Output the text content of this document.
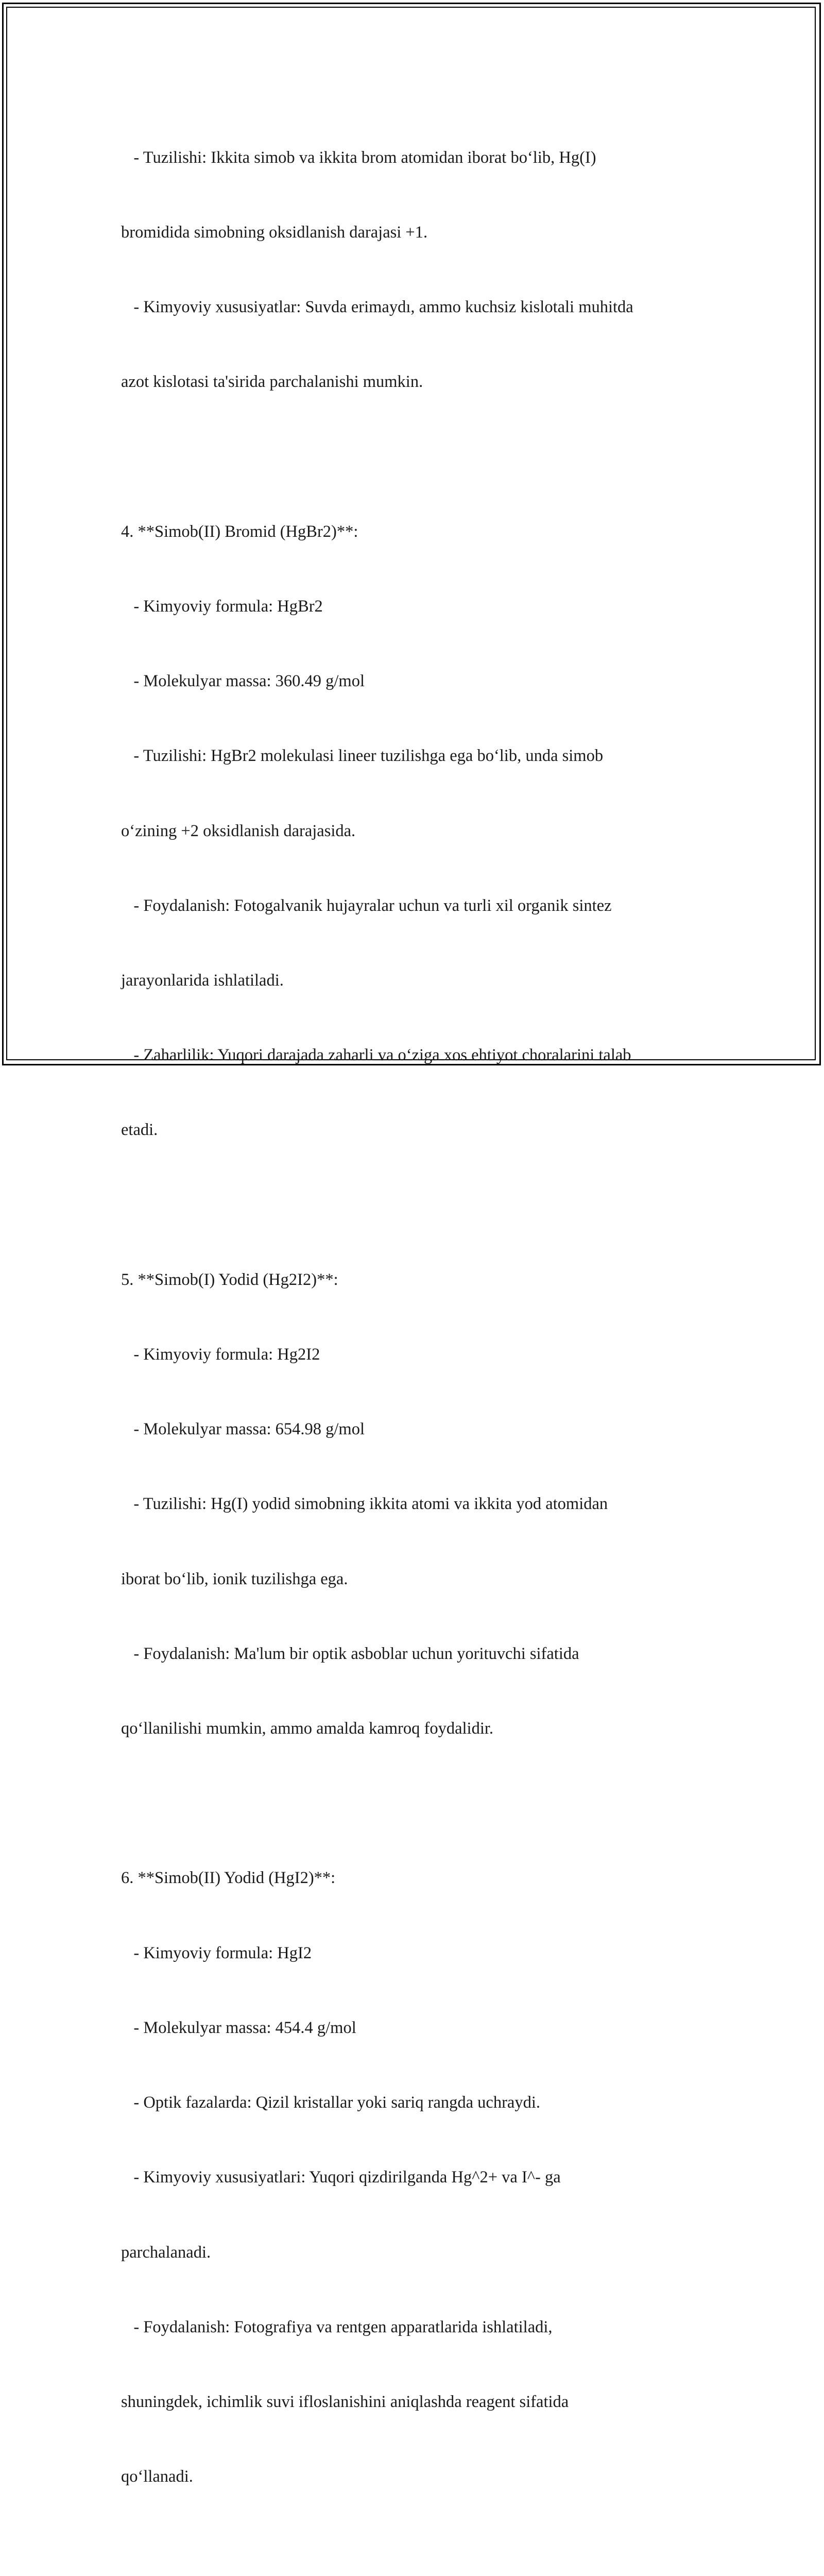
- Tuzilishi: Ikkita simob va ikkita brom atomidan iborat bo‘lib, Hg(I)

bromidida simobning oksidlanish darajasi +1.

- Kimyoviy xususiyatlar: Suvda erimaydı, ammo kuchsiz kislotali muhitda

azot kislotasi ta'sirida parchalanishi mumkin.

4. **Simob(II) Bromid (HgBr2)**:

- Kimyoviy formula: HgBr2

- Molekulyar massa: 360.49 g/mol

- Tuzilishi: HgBr2 molekulasi lineer tuzilishga ega bo‘lib, unda simob

o‘zining +2 oksidlanish darajasida.

- Foydalanish: Fotogalvanik hujayralar uchun va turli xil organik sintez

jarayonlarida ishlatiladi.

- Zaharlilik: Yuqori darajada zaharli va o‘ziga xos ehtiyot choralarini talab

etadi.

5. **Simob(I) Yodid (Hg2I2)**:

- Kimyoviy formula: Hg2I2

- Molekulyar massa: 654.98 g/mol

- Tuzilishi: Hg(I) yodid simobning ikkita atomi va ikkita yod atomidan

iborat bo‘lib, ionik tuzilishga ega.

- Foydalanish: Ma'lum bir optik asboblar uchun yorituvchi sifatida

qo‘llanilishi mumkin, ammo amalda kamroq foydalidir.

6. **Simob(II) Yodid (HgI2)**:

- Kimyoviy formula: HgI2

- Molekulyar massa: 454.4 g/mol

- Optik fazalarda: Qizil kristallar yoki sariq rangda uchraydi.

- Kimyoviy xususiyatlari: Yuqori qizdirilganda Hg^2+ va I^- ga

parchalanadi.

- Foydalanish: Fotografiya va rentgen apparatlarida ishlatiladi,

shuningdek, ichimlik suvi ifloslanishini aniqlashda reagent sifatida

qo‘llanadi.
